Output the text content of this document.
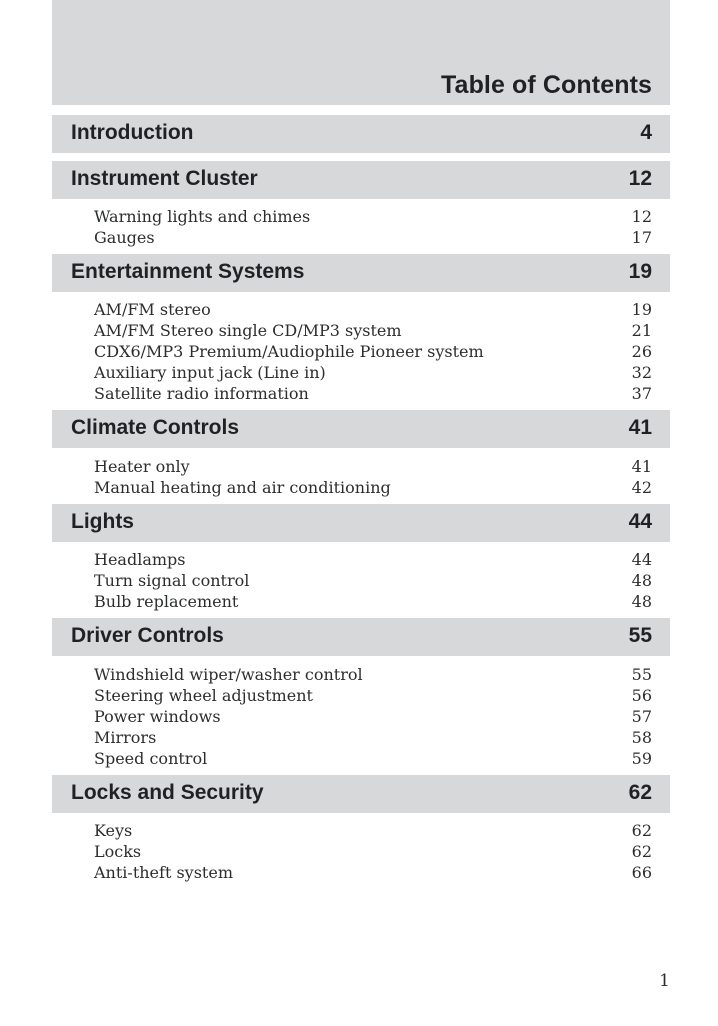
Table of Contents
Introduction	4
Instrument Cluster	12
Warning lights and chimes	12
Gauges	17
Entertainment Systems	19
AM/FM stereo	19
AM/FM Stereo single CD/MP3 system	21
CDX6/MP3 Premium/Audiophile Pioneer system	26
Auxiliary input jack (Line in)	32
Satellite radio information	37
Climate Controls	41
Heater only	41
Manual heating and air conditioning	42
Lights	44
Headlamps	44
Turn signal control	48
Bulb replacement	48
Driver Controls	55
Windshield wiper/washer control	55
Steering wheel adjustment	56
Power windows	57
Mirrors	58
Speed control	59
Locks and Security	62
Keys	62
Locks	62
Anti-theft system	66
1
